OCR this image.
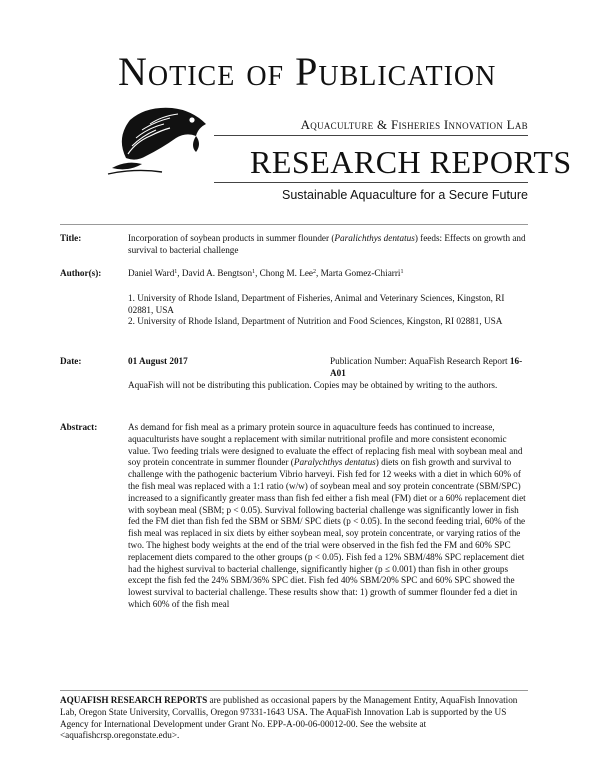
Notice of Publication
Aquaculture & Fisheries Innovation Lab
RESEARCH REPORTS
Sustainable Aquaculture for a Secure Future
Title:	Incorporation of soybean products in summer flounder (Paralichthys dentatus) feeds: Effects on growth and survival to bacterial challenge
Author(s):	Daniel Ward$^1$, David A. Bengtson$^1$, Chong M. Lee$^2$, Marta Gomez-Chiarri$^1$

1. University of Rhode Island, Department of Fisheries, Animal and Veterinary Sciences, Kingston, RI 02881, USA

2. University of Rhode Island, Department of Nutrition and Food Sciences, Kingston, RI 02881, USA

Date:	01 August 2017	Publication Number: AquaFish Research Report 16-A01

AquaFish will not be distributing this publication. Copies may be obtained by writing to the authors.

Abstract:	As demand for fish meal as a primary protein source in aquaculture feeds has continued to increase, aquaculturists have sought a replacement with similar nutritional profile and more consistent economic value. Two feeding trials were designed to evaluate the effect of replacing fish meal with soybean meal and soy protein concentrate in summer flounder (Paralychthys dentatus) diets on fish growth and survival to challenge with the pathogenic bacterium Vibrio harveyi. Fish fed for 12 weeks with a diet in which 60% of the fish meal was replaced with a 1:1 ratio (w/w) of soybean meal and soy protein concentrate (SBM/SPC) increased to a significantly greater mass than fish fed either a fish meal (FM) diet or a 60% replacement diet with soybean meal (SBM; p < 0.05). Survival following bacterial challenge was significantly lower in fish fed the FM diet than fish fed the SBM or SBM/ SPC diets (p < 0.05). In the second feeding trial, 60% of the fish meal was replaced in six diets by either soybean meal, soy protein concentrate, or varying ratios of the two. The highest body weights at the end of the trial were observed in the fish fed the FM and 60% SPC replacement diets compared to the other groups (p < 0.05). Fish fed a 12% SBM/48% SPC replacement diet had the highest survival to bacterial challenge, significantly higher (p ≤ 0.001) than fish in other groups except the fish fed the 24% SBM/36% SPC diet. Fish fed 40% SBM/20% SPC and 60% SPC showed the lowest survival to bacterial challenge. These results show that: 1) growth of summer flounder fed a diet in which 60% of the fish meal
AQUAFISH RESEARCH REPORTS are published as occasional papers by the Management Entity, AquaFish Innovation Lab, Oregon State University, Corvallis, Oregon 97331-1643 USA. The AquaFish Innovation Lab is supported by the US Agency for International Development under Grant No. EPP-A-00-06-00012-00. See the website at <aquafishcrsp.oregonstate.edu>.
